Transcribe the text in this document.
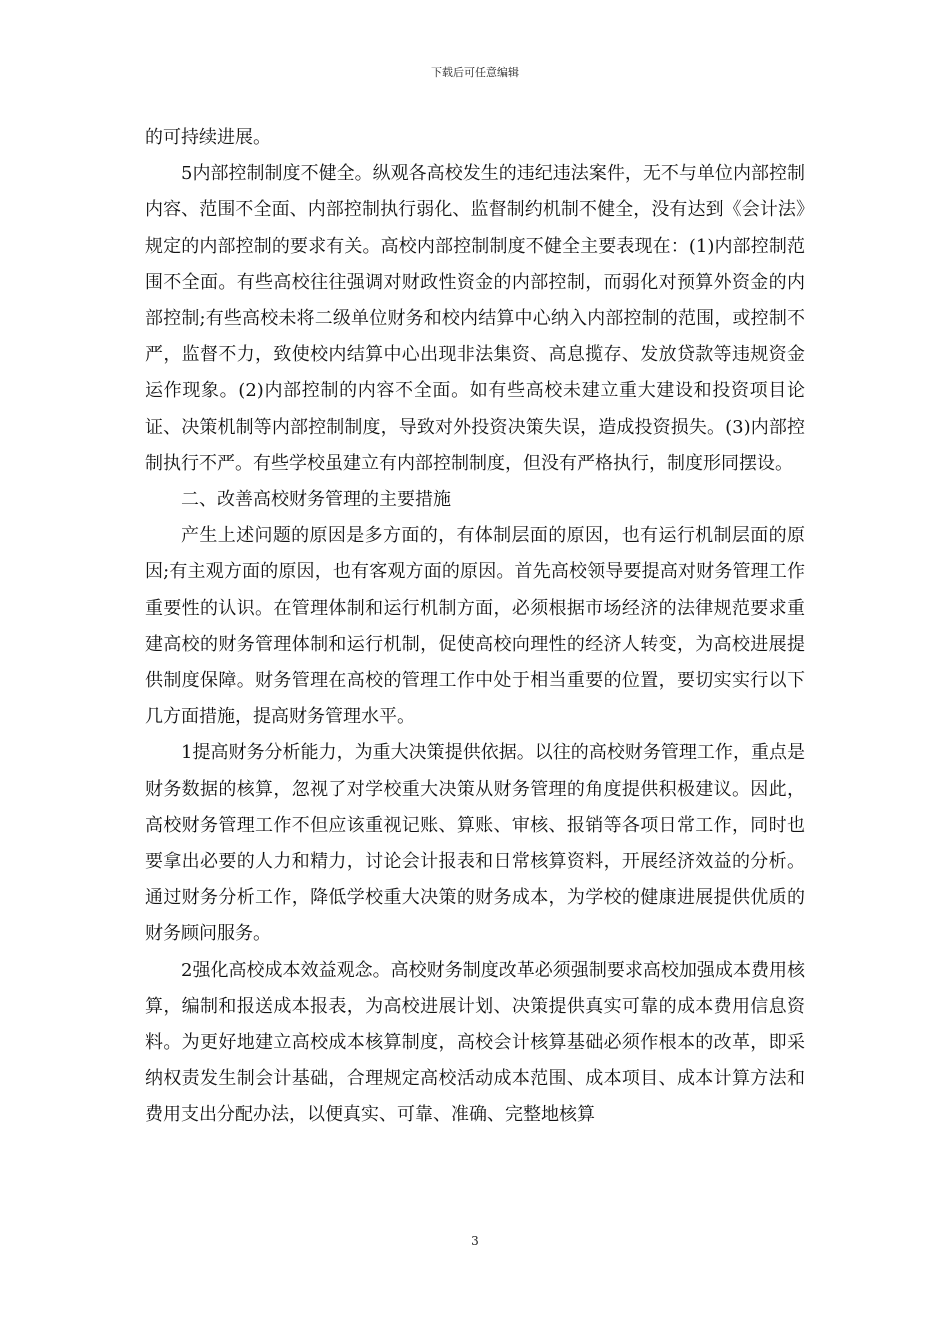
下载后可任意编辑

的可持续进展。

5内部控制制度不健全。纵观各高校发生的违纪违法案件，无不与单位内部控制内容、范围不全面、内部控制执行弱化、监督制约机制不健全，没有达到《会计法》规定的内部控制的要求有关。高校内部控制制度不健全主要表现在：(1)内部控制范围不全面。有些高校往往强调对财政性资金的内部控制，而弱化对预算外资金的内部控制;有些高校未将二级单位财务和校内结算中心纳入内部控制的范围，或控制不严，监督不力，致使校内结算中心出现非法集资、高息揽存、发放贷款等违规资金运作现象。(2)内部控制的内容不全面。如有些高校未建立重大建设和投资项目论证、决策机制等内部控制制度，导致对外投资决策失误，造成投资损失。(3)内部控制执行不严。有些学校虽建立有内部控制制度，但没有严格执行，制度形同摆设。

二、改善高校财务管理的主要措施

产生上述问题的原因是多方面的，有体制层面的原因，也有运行机制层面的原因;有主观方面的原因，也有客观方面的原因。首先高校领导要提高对财务管理工作重要性的认识。在管理体制和运行机制方面，必须根据市场经济的法律规范要求重建高校的财务管理体制和运行机制，促使高校向理性的经济人转变，为高校进展提供制度保障。财务管理在高校的管理工作中处于相当重要的位置，要切实实行以下几方面措施，提高财务管理水平。

1提高财务分析能力，为重大决策提供依据。以往的高校财务管理工作，重点是财务数据的核算，忽视了对学校重大决策从财务管理的角度提供积极建议。因此，高校财务管理工作不但应该重视记账、算账、审核、报销等各项日常工作，同时也要拿出必要的人力和精力，讨论会计报表和日常核算资料，开展经济效益的分析。通过财务分析工作，降低学校重大决策的财务成本，为学校的健康进展提供优质的财务顾问服务。

2强化高校成本效益观念。高校财务制度改革必须强制要求高校加强成本费用核算，编制和报送成本报表，为高校进展计划、决策提供真实可靠的成本费用信息资料。为更好地建立高校成本核算制度，高校会计核算基础必须作根本的改革，即采纳权责发生制会计基础，合理规定高校活动成本范围、成本项目、成本计算方法和费用支出分配办法，以便真实、可靠、准确、完整地核算

3
